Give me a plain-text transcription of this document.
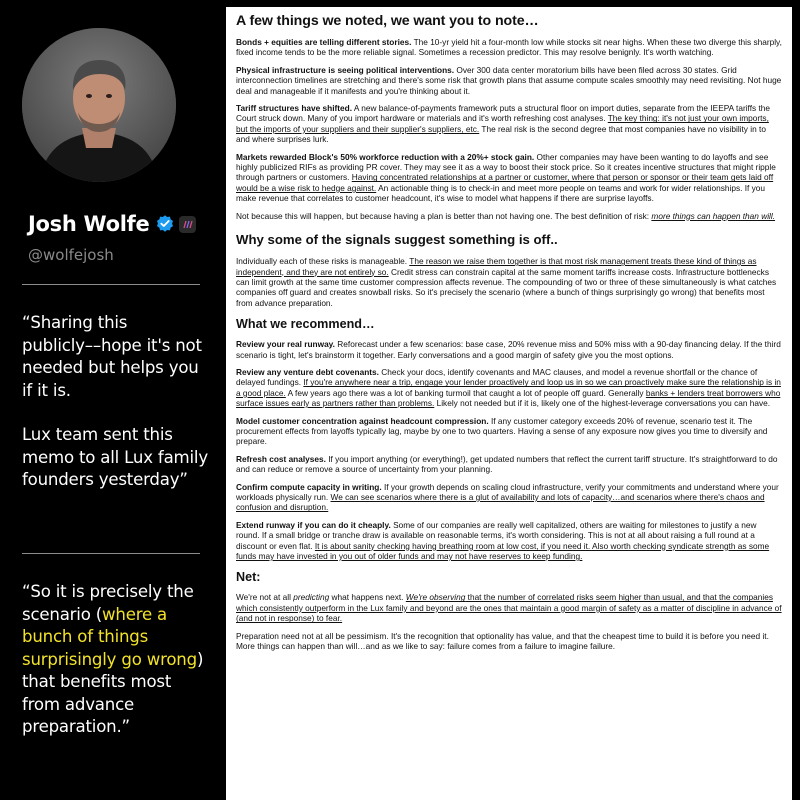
Josh Wolfe
@wolfejosh

“Sharing this publicly––hope it's not needed but helps you if it is.

Lux team sent this memo to all Lux family founders yesterday”

“So it is precisely the scenario (where a bunch of things surprisingly go wrong) that benefits most from advance preparation.”

A few things we noted, we want you to note…

Bonds + equities are telling different stories. The 10-yr yield hit a four-month low while stocks sit near highs. When these two diverge this sharply, fixed income tends to be the more reliable signal. Sometimes a recession predictor. This may resolve benignly. It's worth watching.

Physical infrastructure is seeing political interventions. Over 300 data center moratorium bills have been filed across 30 states. Grid interconnection timelines are stretching and there's some risk that growth plans that assume compute scales smoothly may need revisiting. Not huge deal and manageable if it manifests and you're thinking about it.

Tariff structures have shifted. A new balance-of-payments framework puts a structural floor on import duties, separate from the IEEPA tariffs the Court struck down. Many of you import hardware or materials and it's worth refreshing cost analyses. The key thing: it's not just your own imports, but the imports of your suppliers and their supplier's suppliers, etc. The real risk is the second degree that most companies have no visibility in to and where surprises lurk.

Markets rewarded Block's 50% workforce reduction with a 20%+ stock gain. Other companies may have been wanting to do layoffs and see highly publicized RIFs as providing PR cover. They may see it as a way to boost their stock price. So it creates incentive structures that might ripple through partners or customers. Having concentrated relationships at a partner or customer, where that person or sponsor or their team gets laid off would be a wise risk to hedge against. An actionable thing is to check-in and meet more people on teams and work for wider relationships. If you make revenue that correlates to customer headcount, it's wise to model what happens if there are surprise layoffs.

Not because this will happen, but because having a plan is better than not having one. The best definition of risk: more things can happen than will.

Why some of the signals suggest something is off..

Individually each of these risks is manageable. The reason we raise them together is that most risk management treats these kind of things as independent, and they are not entirely so. Credit stress can constrain capital at the same moment tariffs increase costs. Infrastructure bottlenecks can limit growth at the same time customer compression affects revenue. The compounding of two or three of these simultaneously is what catches companies off guard and creates snowball risks. So it's precisely the scenario (where a bunch of things surprisingly go wrong) that benefits most from advance preparation.

What we recommend…

Review your real runway. Reforecast under a few scenarios: base case, 20% revenue miss and 50% miss with a 90-day financing delay. If the third scenario is tight, let's brainstorm it together. Early conversations and a good margin of safety give you the most options.

Review any venture debt covenants. Check your docs, identify covenants and MAC clauses, and model a revenue shortfall or the chance of delayed fundings. If you're anywhere near a trip, engage your lender proactively and loop us in so we can proactively make sure the relationship is in a good place. A few years ago there was a lot of banking turmoil that caught a lot of people off guard. Generally banks + lenders treat borrowers who surface issues early as partners rather than problems. Likely not needed but if it is, likely one of the highest-leverage conversations you can have.

Model customer concentration against headcount compression. If any customer category exceeds 20% of revenue, scenario test it. The procurement effects from layoffs typically lag, maybe by one to two quarters. Having a sense of any exposure now gives you time to diversify and prepare.

Refresh cost analyses. If you import anything (or everything!), get updated numbers that reflect the current tariff structure. It's straightforward to do and can reduce or remove a source of uncertainty from your planning.

Confirm compute capacity in writing. If your growth depends on scaling cloud infrastructure, verify your commitments and understand where your workloads physically run. We can see scenarios where there is a glut of availability and lots of capacity…and scenarios where there's chaos and confusion and disruption.

Extend runway if you can do it cheaply. Some of our companies are really well capitalized, others are waiting for milestones to justify a new round. If a small bridge or tranche draw is available on reasonable terms, it's worth considering. This is not at all about raising a full round at a discount or even flat. It is about sanity checking having breathing room at low cost, if you need it. Also worth checking syndicate strength as some funds may have invested in you out of older funds and may not have reserves to keep funding.

Net:

We're not at all predicting what happens next. We're observing that the number of correlated risks seem higher than usual, and that the companies which consistently outperform in the Lux family and beyond are the ones that maintain a good margin of safety as a matter of discipline in advance of (and not in response) to fear.

Preparation need not at all be pessimism. It's the recognition that optionality has value, and that the cheapest time to build it is before you need it. More things can happen than will…and as we like to say: failure comes from a failure to imagine failure.
